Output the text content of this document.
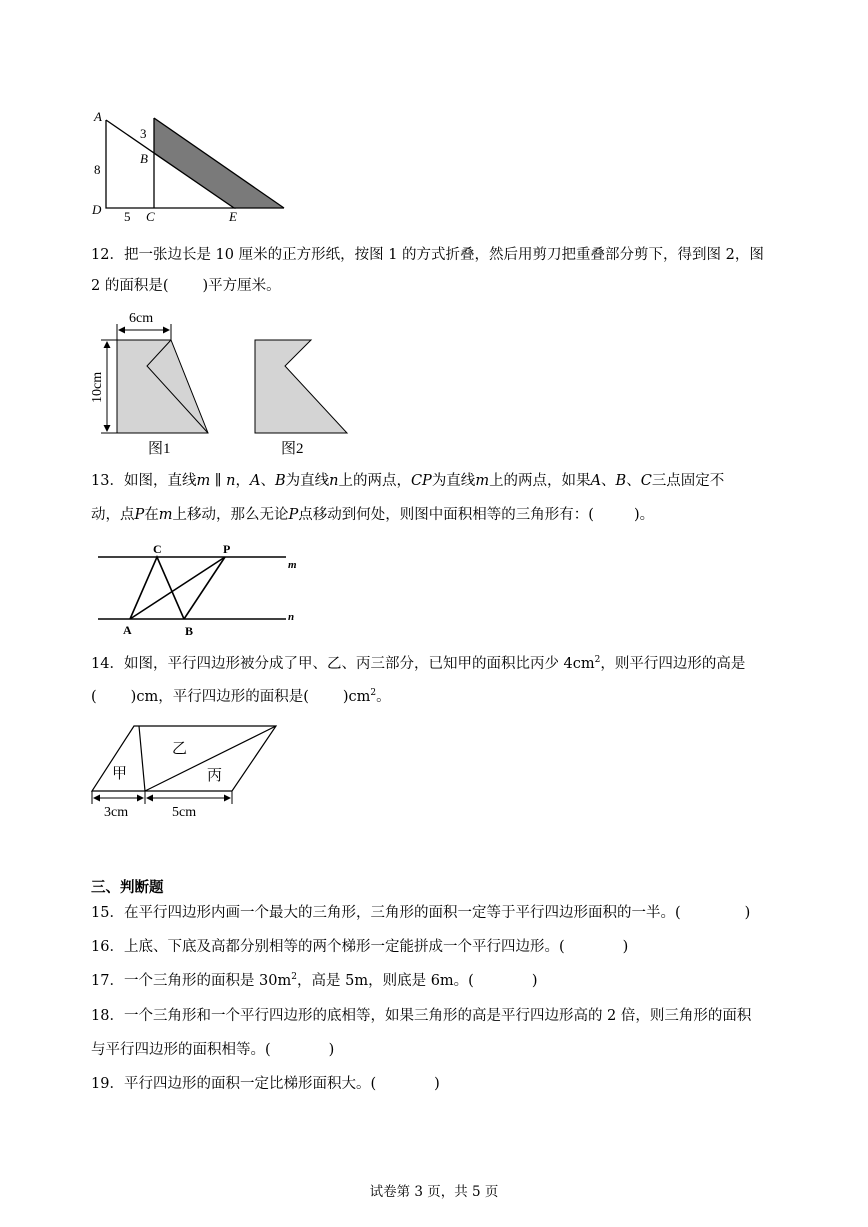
A
3
B
8
D 5 C	E
12．把一张边长是 10 厘米的正方形纸，按图 1 的方式折叠，然后用剪刀把重叠部分剪下，得到图 2，图
2 的面积是( )平方厘米。
6cm
10cm
图1	图2
13．如图，直线m ∥ n，A、B为直线n上的两点，CP为直线m上的两点，如果A、B、C三点固定不
动，点P在m上移动，那么无论P点移动到何处，则图中面积相等的三角形有：(	)。
C	P
A	B
m
n
14．如图，平行四边形被分成了甲、乙、丙三部分，已知甲的面积比丙少 $4cm^2$，则平行四边形的高是
( )cm，平行四边形的面积是( )$cm^2$。
甲
乙
丙
3cm	5cm
三、判断题
15．在平行四边形内画一个最大的三角形，三角形的面积一定等于平行四边形面积的一半。(	)
16．上底、下底及高都分别相等的两个梯形一定能拼成一个平行四边形。(	)
17．一个三角形的面积是 $30m^2$，高是 5m，则底是 6m。(	)
18．一个三角形和一个平行四边形的底相等，如果三角形的高是平行四边形高的 2 倍，则三角形的面积
与平行四边形的面积相等。(	)
19．平行四边形的面积一定比梯形面积大。(	)
试卷第 3 页，共 5 页
